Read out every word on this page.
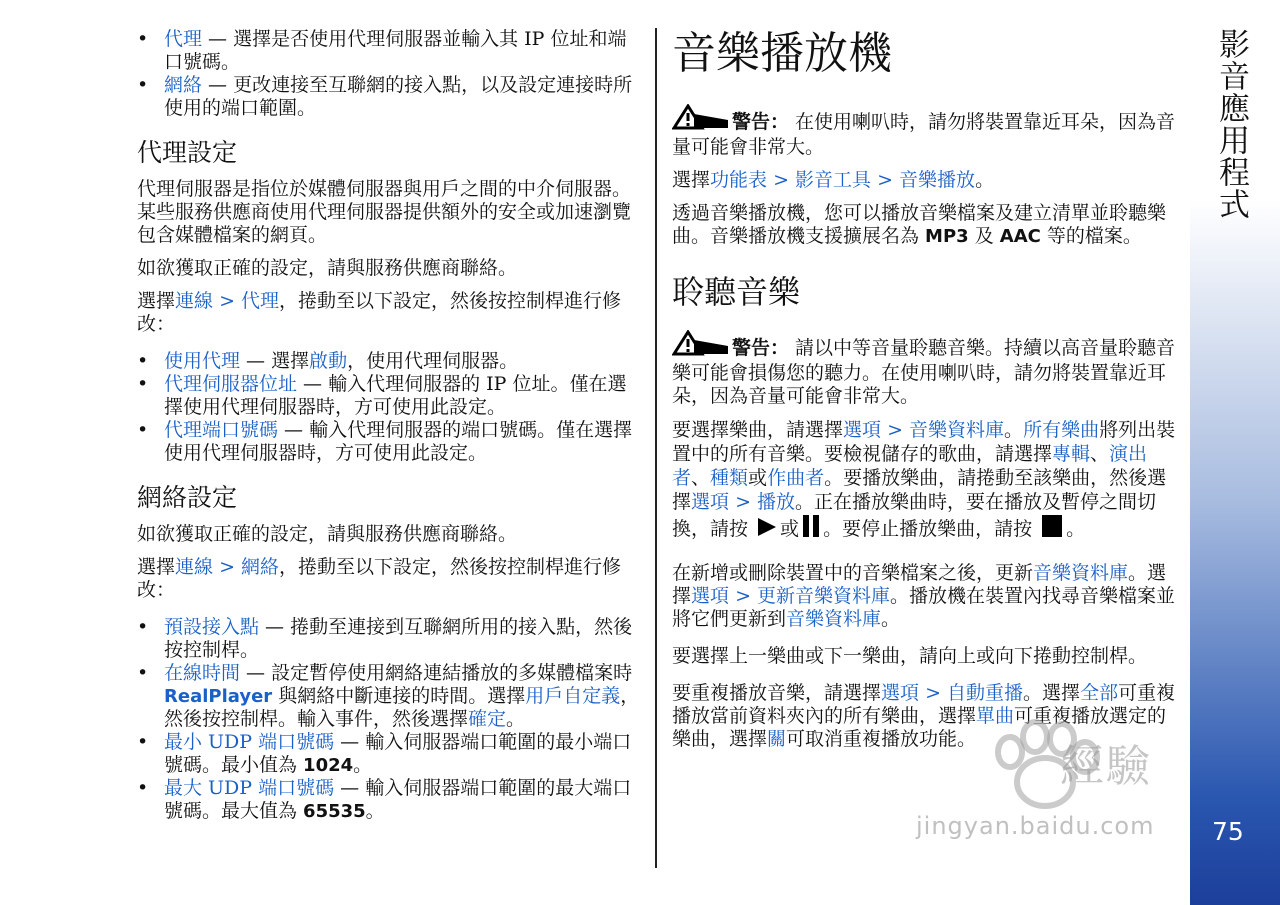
• 代理 — 選擇是否使用代理伺服器並輸入其 IP 位址和端口號碼。
• 網絡 — 更改連接至互聯網的接入點，以及設定連接時所使用的端口範圍。
代理設定

代理伺服器是指位於媒體伺服器與用戶之間的中介伺服器。某些服務供應商使用代理伺服器提供額外的安全或加速瀏覽包含媒體檔案的網頁。

如欲獲取正確的設定，請與服務供應商聯絡。

選擇連線 > 代理，捲動至以下設定，然後按控制桿進行修改：

• 使用代理 — 選擇啟動，使用代理伺服器。
• 代理伺服器位址 — 輸入代理伺服器的 IP 位址。僅在選擇使用代理伺服器時，方可使用此設定。
• 代理端口號碼 — 輸入代理伺服器的端口號碼。僅在選擇使用代理伺服器時，方可使用此設定。
網絡設定

如欲獲取正確的設定，請與服務供應商聯絡。

選擇連線 > 網絡，捲動至以下設定，然後按控制桿進行修改：

• 預設接入點 — 捲動至連接到互聯網所用的接入點，然後按控制桿。
• 在線時間 — 設定暫停使用網絡連結播放的多媒體檔案時 RealPlayer 與網絡中斷連接的時間。選擇用戶自定義，然後按控制桿。輸入事件，然後選擇確定。
• 最小 UDP 端口號碼 — 輸入伺服器端口範圍的最小端口號碼。最小值為 1024。
• 最大 UDP 端口號碼 — 輸入伺服器端口範圍的最大端口號碼。最大值為 65535。
音樂播放機

警告： 在使用喇叭時，請勿將裝置靠近耳朵，因為音量可能會非常大。

選擇功能表 > 影音工具 > 音樂播放。

透過音樂播放機，您可以播放音樂檔案及建立清單並聆聽樂曲。音樂播放機支援擴展名為 MP3 及 AAC 等的檔案。

聆聽音樂

警告： 請以中等音量聆聽音樂。持續以高音量聆聽音樂可能會損傷您的聽力。在使用喇叭時，請勿將裝置靠近耳朵，因為音量可能會非常大。

要選擇樂曲，請選擇選項 > 音樂資料庫。所有樂曲將列出裝置中的所有音樂。要檢視儲存的歌曲，請選擇專輯、演出者、種類或作曲者。要播放樂曲，請捲動至該樂曲，然後選擇選項 > 播放。正在播放樂曲時，要在播放及暫停之間切換，請按 或 。要停止播放樂曲，請按 。

在新增或刪除裝置中的音樂檔案之後，更新音樂資料庫。選擇選項 > 更新音樂資料庫。播放機在裝置內找尋音樂檔案並將它們更新到音樂資料庫。

要選擇上一樂曲或下一樂曲，請向上或向下捲動控制桿。

要重複播放音樂，請選擇選項 > 自動重播。選擇全部可重複播放當前資料夾內的所有樂曲，選擇單曲可重複播放選定的樂曲，選擇關可取消重複播放功能。

影音應用程式
75
經驗
jingyan.baidu.com
